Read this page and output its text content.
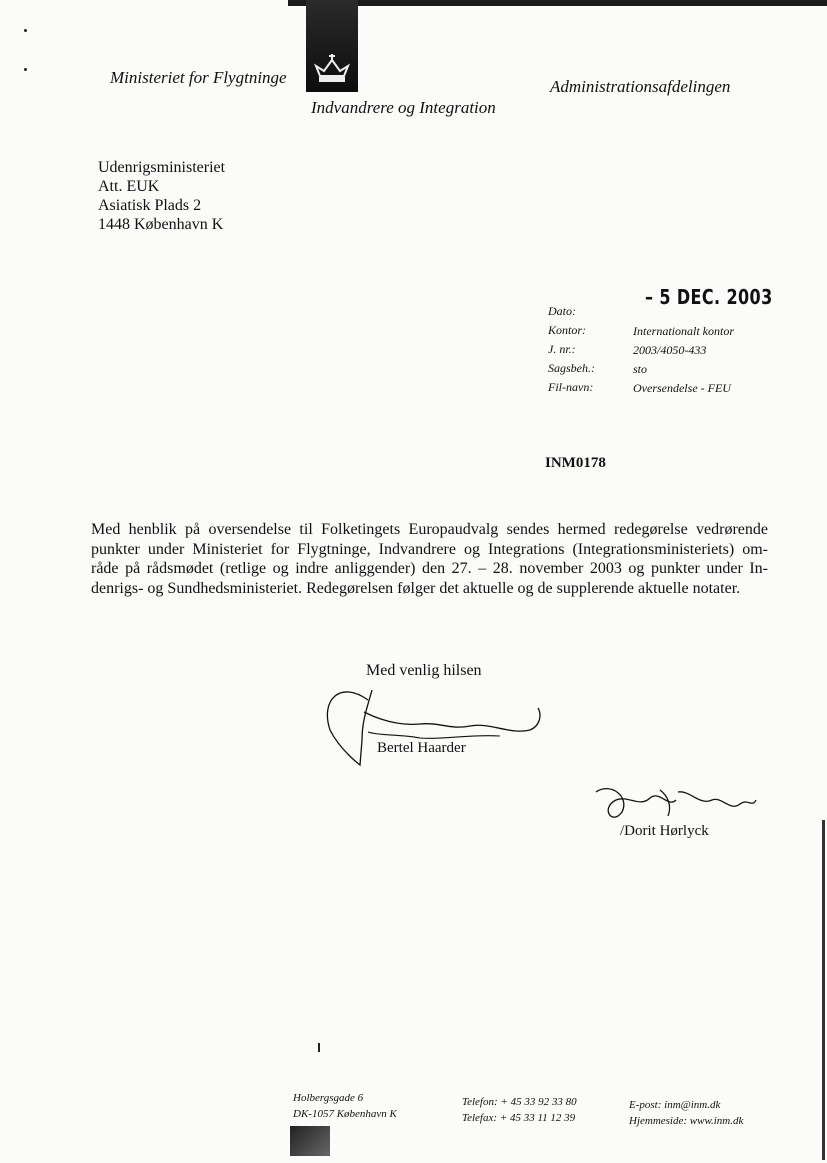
Ministeriet for Flygtninge
Indvandrere og Integration
Administrationsafdelingen
Udenrigsministeriet
Att. EUK
Asiatisk Plads 2
1448 København K
– 5 DEC. 2003
Dato:
Kontor:	Internationalt kontor
J. nr.:	2003/4050-433
Sagsbeh.:	sto
Fil-navn:	Oversendelse - FEU
INM0178
Med henblik på oversendelse til Folketingets Europaudvalg sendes hermed redegørelse vedrørende
punkter under Ministeriet for Flygtninge, Indvandrere og Integrations (Integrationsministeriets) om-
råde på rådsmødet (retlige og indre anliggender) den 27. – 28. november 2003 og punkter under In-
denrigs- og Sundhedsministeriet. Redegørelsen følger det aktuelle og de supplerende aktuelle notater.
Med venlig hilsen
Bertel Haarder
/Dorit Hørlyck
Holbergsgade 6
DK-1057 København K
Telefon: + 45 33 92 33 80
Telefax: + 45 33 11 12 39
E-post: inm@inm.dk
Hjemmeside: www.inm.dk
